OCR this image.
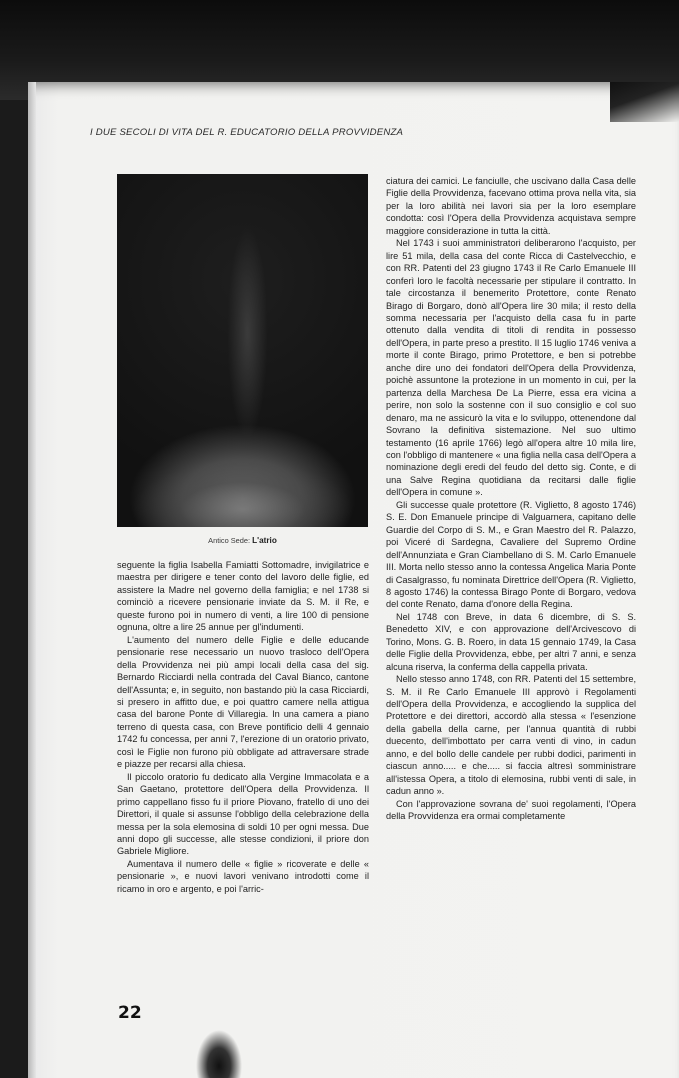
I DUE SECOLI DI VITA DEL R. EDUCATORIO DELLA PROVVIDENZA
Antico Sede: L'atrio

seguente la figlia Isabella Famiatti Sottomadre, invigilatrice e maestra per dirigere e tener conto del lavoro delle figlie, ed assistere la Madre nel governo della famiglia; e nel 1738 si cominciò a ricevere pensionarie inviate da S. M. il Re, e queste furono poi in numero di venti, a lire 100 di pensione ognuna, oltre a lire 25 annue per gl'indumenti.

L'aumento del numero delle Figlie e delle educande pensionarie rese necessario un nuovo trasloco dell'Opera della Provvidenza nei più ampi locali della casa del sig. Bernardo Ricciardi nella contrada del Caval Bianco, cantone dell'Assunta; e, in seguito, non bastando più la casa Ricciardi, si presero in affitto due, e poi quattro camere nella attigua casa del barone Ponte di Villaregia. In una camera a piano terreno di questa casa, con Breve pontificio delli 4 gennaio 1742 fu concessa, per anni 7, l'erezione di un oratorio privato, così le Figlie non furono più obbligate ad attraversare strade e piazze per recarsi alla chiesa.

Il piccolo oratorio fu dedicato alla Vergine Immacolata e a San Gaetano, protettore dell'Opera della Provvidenza. Il primo cappellano fisso fu il priore Piovano, fratello di uno dei Direttori, il quale si assunse l'obbligo della celebrazione della messa per la sola elemosina di soldi 10 per ogni messa. Due anni dopo gli successe, alle stesse condizioni, il priore don Gabriele Migliore.

Aumentava il numero delle « figlie » ricoverate e delle « pensionarie », e nuovi lavori venivano introdotti come il ricamo in oro e argento, e poi l'arric-

ciatura dei camici. Le fanciulle, che uscivano dalla Casa delle Figlie della Provvidenza, facevano ottima prova nella vita, sia per la loro abilità nei lavori sia per la loro esemplare condotta: così l'Opera della Provvidenza acquistava sempre maggiore considerazione in tutta la città.

Nel 1743 i suoi amministratori deliberarono l'acquisto, per lire 51 mila, della casa del conte Ricca di Castelvecchio, e con RR. Patenti del 23 giugno 1743 il Re Carlo Emanuele III conferì loro le facoltà necessarie per stipulare il contratto. In tale circostanza il benemerito Protettore, conte Renato Birago di Borgaro, donò all'Opera lire 30 mila; il resto della somma necessaria per l'acquisto della casa fu in parte ottenuto dalla vendita di titoli di rendita in possesso dell'Opera, in parte preso a prestito. Il 15 luglio 1746 veniva a morte il conte Birago, primo Protettore, e ben si potrebbe anche dire uno dei fondatori dell'Opera della Provvidenza, poichè assuntone la protezione in un momento in cui, per la partenza della Marchesa De La Pierre, essa era vicina a perire, non solo la sostenne con il suo consiglio e col suo denaro, ma ne assicurò la vita e lo sviluppo, ottenendone dal Sovrano la definitiva sistemazione. Nel suo ultimo testamento (16 aprile 1766) legò all'opera altre 10 mila lire, con l'obbligo di mantenere « una figlia nella casa dell'Opera a nominazione degli eredi del feudo del detto sig. Conte, e di una Salve Regina quotidiana da recitarsi dalle figlie dell'Opera in comune ».

Gli successe quale protettore (R. Viglietto, 8 agosto 1746) S. E. Don Emanuele principe di Valguarnera, capitano delle Guardie del Corpo di S. M., e Gran Maestro del R. Palazzo, poi Viceré di Sardegna, Cavaliere del Supremo Ordine dell'Annunziata e Gran Ciambellano di S. M. Carlo Emanuele III. Morta nello stesso anno la contessa Angelica Maria Ponte di Casalgrasso, fu nominata Direttrice dell'Opera (R. Viglietto, 8 agosto 1746) la contessa Birago Ponte di Borgaro, vedova del conte Renato, dama d'onore della Regina.

Nel 1748 con Breve, in data 6 dicembre, di S. S. Benedetto XIV, e con approvazione dell'Arcivescovo di Torino, Mons. G. B. Roero, in data 15 gennaio 1749, la Casa delle Figlie della Provvidenza, ebbe, per altri 7 anni, e senza alcuna riserva, la conferma della cappella privata.

Nello stesso anno 1748, con RR. Patenti del 15 settembre, S. M. il Re Carlo Emanuele III approvò i Regolamenti dell'Opera della Provvidenza, e accogliendo la supplica del Protettore e dei direttori, accordò alla stessa « l'esenzione della gabella della carne, per l'annua quantità di rubbi duecento, dell'imbottato per carra venti di vino, in cadun anno, e del bollo delle candele per rubbi dodici, parimenti in ciascun anno..... e che..... si faccia altresì somministrare all'istessa Opera, a titolo di elemosina, rubbi venti di sale, in cadun anno ».

Con l'approvazione sovrana de' suoi regolamenti, l'Opera della Provvidenza era ormai completamente

22
